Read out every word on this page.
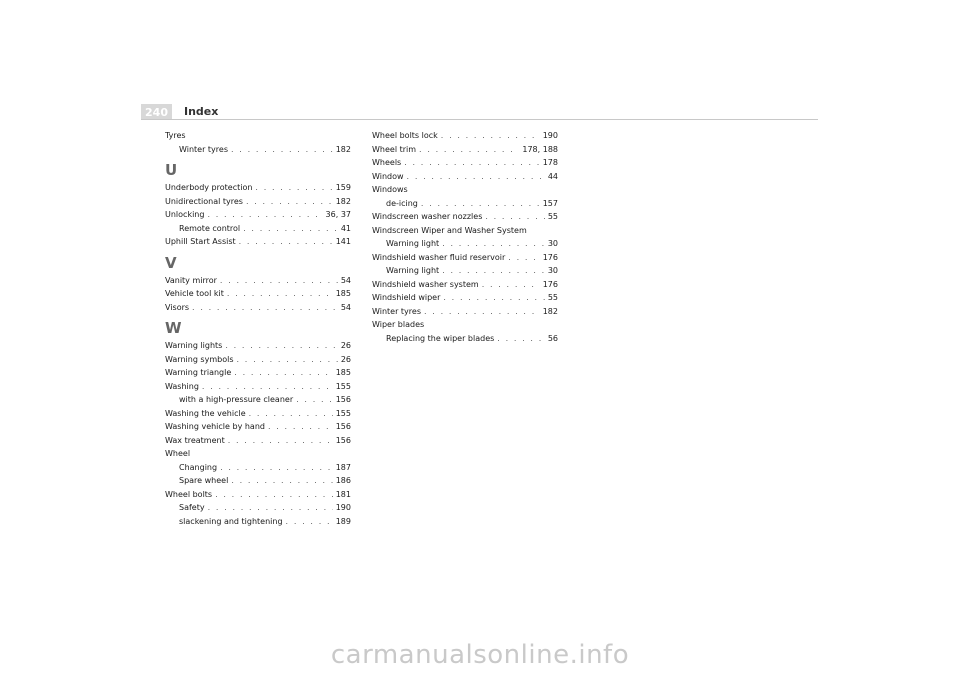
240	Index
Tyres
Winter tyres . . .	182
U
Underbody protection . . .	159
Unidirectional tyres . . .	182
Unlocking . . .	36, 37
Remote control . . .	41
Uphill Start Assist . . .	141
V
Vanity mirror . . .	54
Vehicle tool kit . . .	185
Visors . . .	54
W
Warning lights . . .	26
Warning symbols . . .	26
Warning triangle . . .	185
Washing . . .	155
with a high-pressure cleaner . . .	156
Washing the vehicle . . .	155
Washing vehicle by hand . . .	156
Wax treatment . . .	156
Wheel
Changing . . .	187
Spare wheel . . .	186
Wheel bolts . . .	181
Safety . . .	190
slackening and tightening . . .	189
Wheel bolts lock . . .	190
Wheel trim . . .	178, 188
Wheels . . .	178
Window . . .	44
Windows
de-icing . . .	157
Windscreen washer nozzles . . .	55
Windscreen Wiper and Washer System
Warning light . . .	30
Windshield washer fluid reservoir . . .	176
Warning light . . .	30
Windshield washer system . . .	176
Windshield wiper . . .	55
Winter tyres . . .	182
Wiper blades
Replacing the wiper blades . . .	56
carmanualsonline.info
